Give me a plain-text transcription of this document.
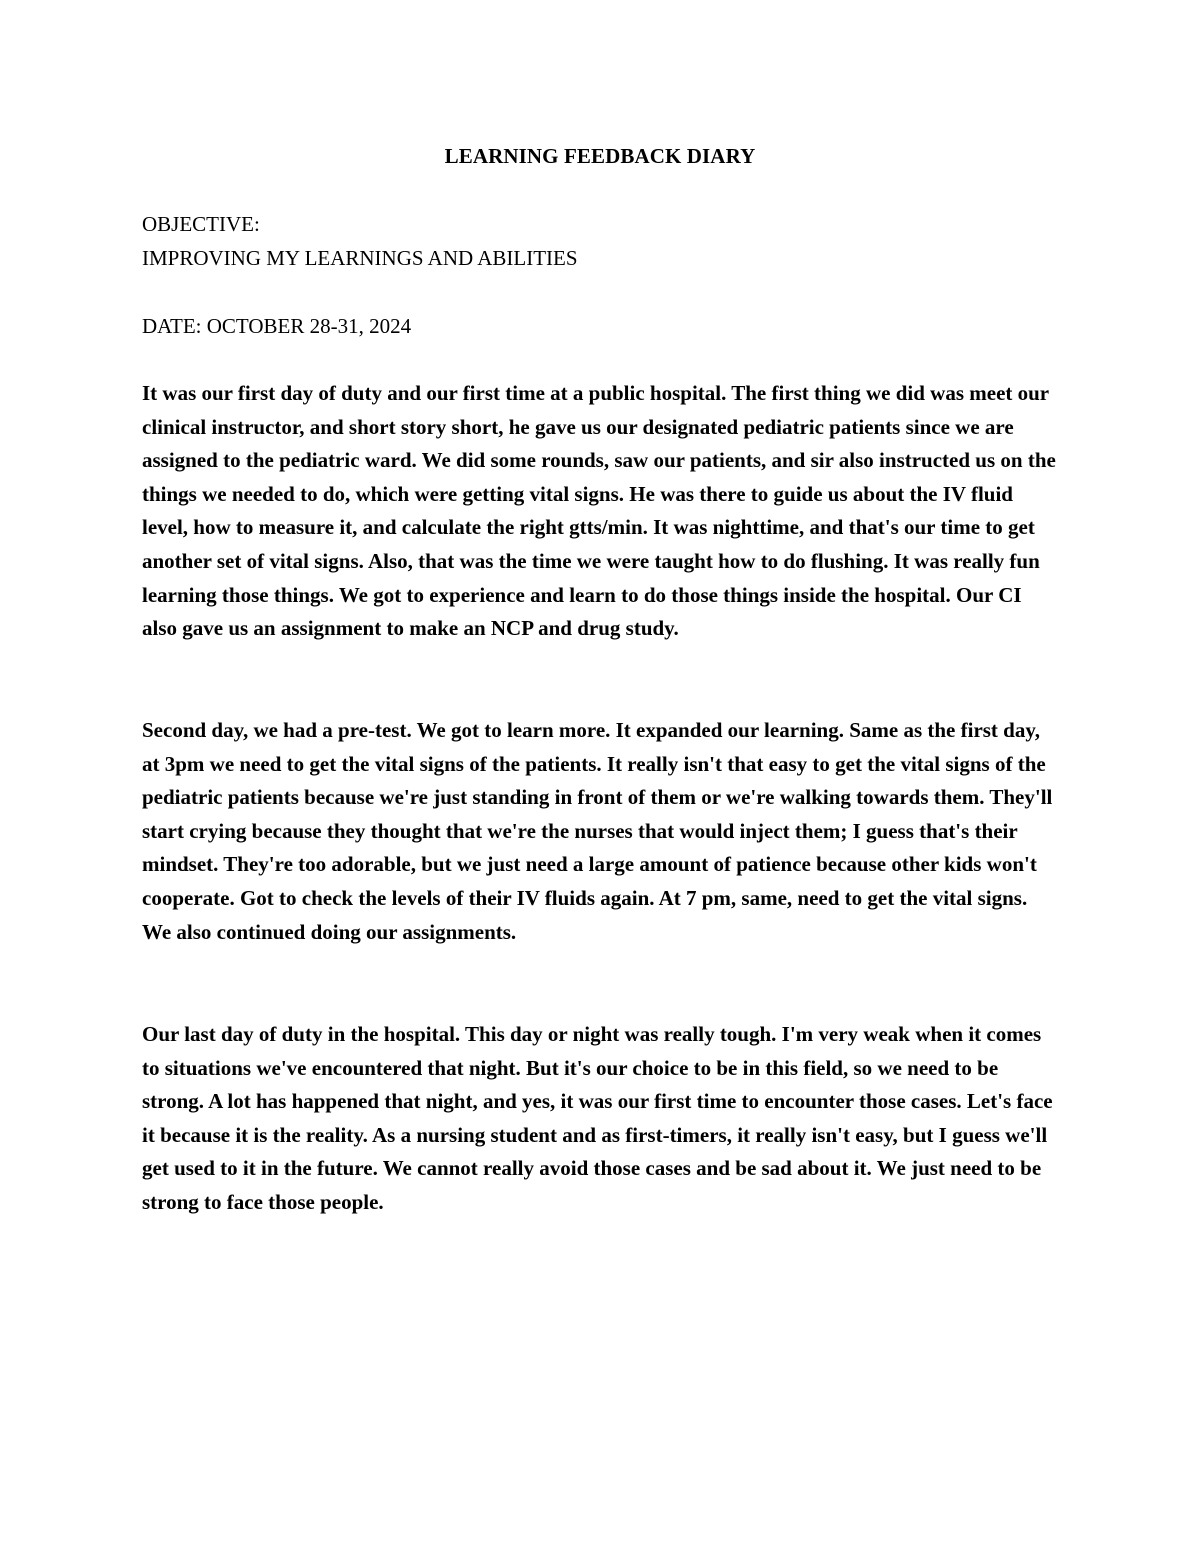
LEARNING FEEDBACK DIARY
OBJECTIVE:
IMPROVING MY LEARNINGS AND ABILITIES
DATE: OCTOBER 28-31, 2024
It was our first day of duty and our first time at a public hospital. The first thing we did was meet our clinical instructor, and short story short, he gave us our designated pediatric patients since we are assigned to the pediatric ward. We did some rounds, saw our patients, and sir also instructed us on the things we needed to do, which were getting vital signs. He was there to guide us about the IV fluid level, how to measure it, and calculate the right gtts/min. It was nighttime, and that's our time to get another set of vital signs. Also, that was the time we were taught how to do flushing. It was really fun learning those things. We got to experience and learn to do those things inside the hospital. Our CI also gave us an assignment to make an NCP and drug study.
Second day, we had a pre-test. We got to learn more. It expanded our learning. Same as the first day, at 3pm we need to get the vital signs of the patients. It really isn't that easy to get the vital signs of the pediatric patients because we're just standing in front of them or we're walking towards them. They'll start crying because they thought that we're the nurses that would inject them; I guess that's their mindset. They're too adorable, but we just need a large amount of patience because other kids won't cooperate. Got to check the levels of their IV fluids again. At 7 pm, same, need to get the vital signs. We also continued doing our assignments.
Our last day of duty in the hospital. This day or night was really tough. I'm very weak when it comes to situations we've encountered that night. But it's our choice to be in this field, so we need to be strong. A lot has happened that night, and yes, it was our first time to encounter those cases. Let's face it because it is the reality. As a nursing student and as first-timers, it really isn't easy, but I guess we'll get used to it in the future. We cannot really avoid those cases and be sad about it. We just need to be strong to face those people.
